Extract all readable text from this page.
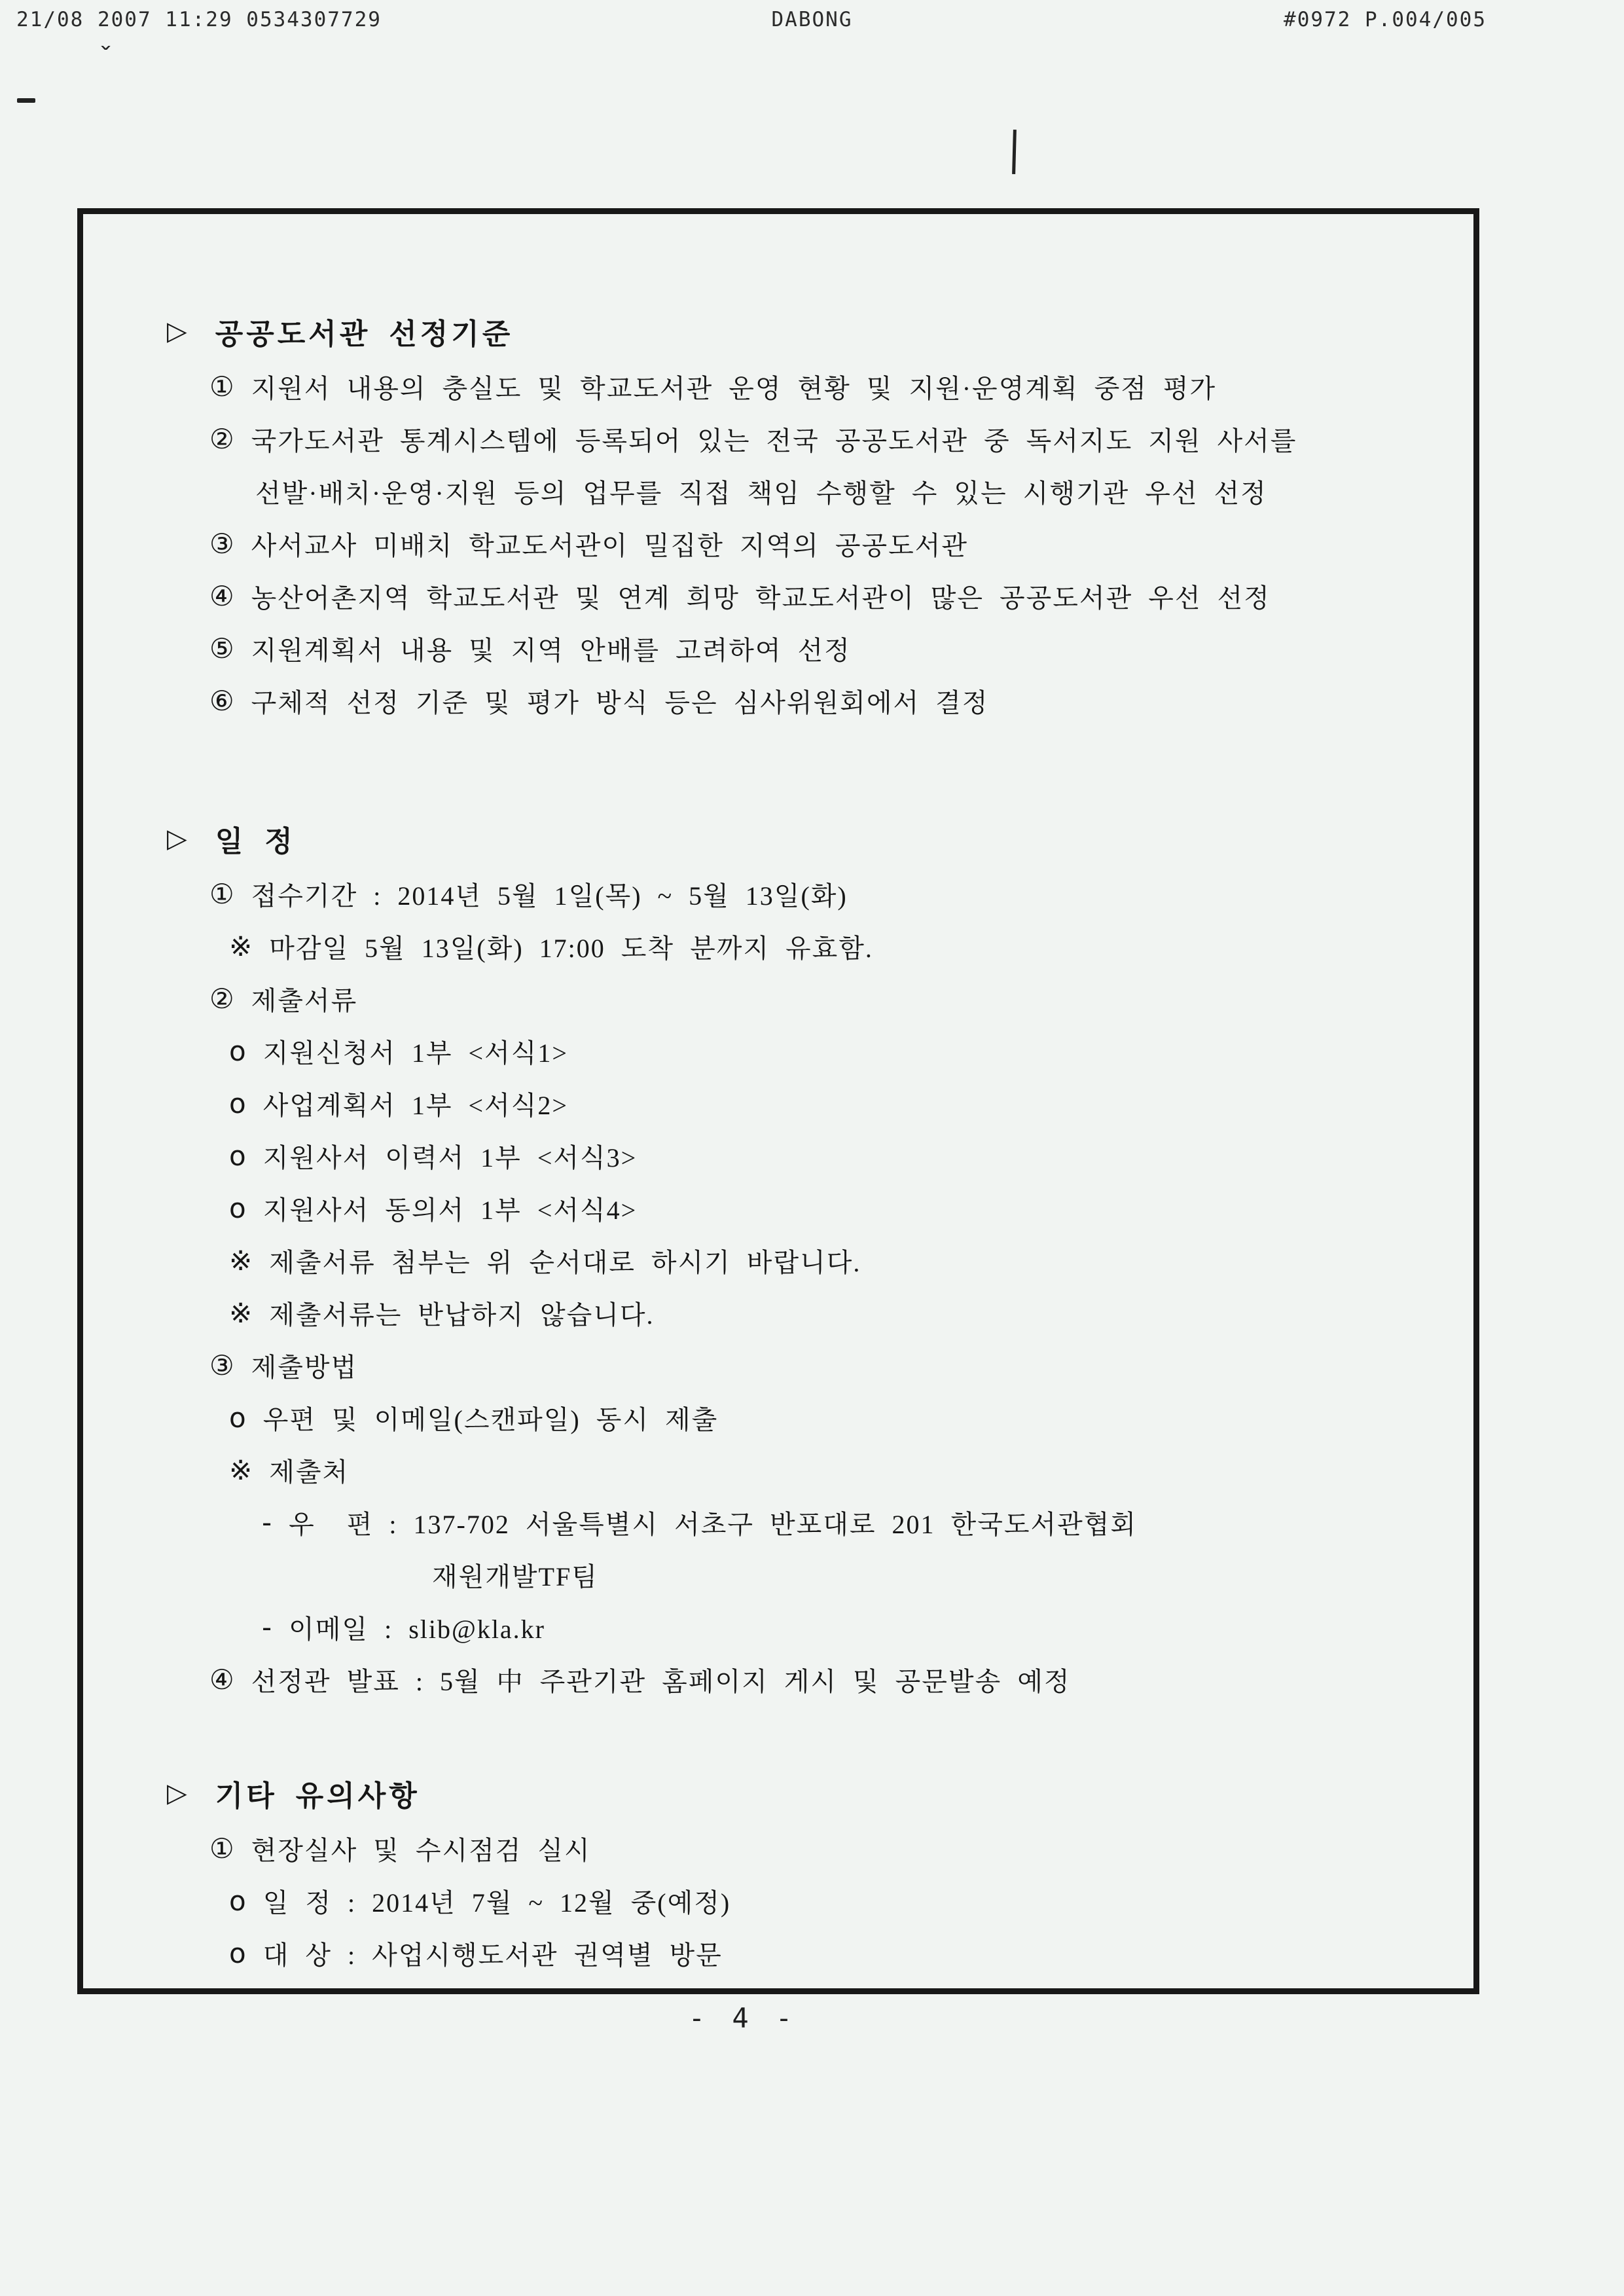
21/08 2007 11:29 0534307729	DABONG	#0972 P.004/005
ˇ
▷ 공공도서관 선정기준
① 지원서 내용의 충실도 및 학교도서관 운영 현황 및 지원·운영계획 중점 평가
② 국가도서관 통계시스템에 등록되어 있는 전국 공공도서관 중 독서지도 지원 사서를
선발·배치·운영·지원 등의 업무를 직접 책임 수행할 수 있는 시행기관 우선 선정
③ 사서교사 미배치 학교도서관이 밀집한 지역의 공공도서관
④ 농산어촌지역 학교도서관 및 연계 희망 학교도서관이 많은 공공도서관 우선 선정
⑤ 지원계획서 내용 및 지역 안배를 고려하여 선정
⑥ 구체적 선정 기준 및 평가 방식 등은 심사위원회에서 결정
▷ 일 정
① 접수기간 : 2014년 5월 1일(목) ~ 5월 13일(화)
※ 마감일 5월 13일(화) 17:00 도착 분까지 유효함.
② 제출서류
o 지원신청서 1부 <서식1>
o 사업계획서 1부 <서식2>
o 지원사서 이력서 1부 <서식3>
o 지원사서 동의서 1부 <서식4>
※ 제출서류 첨부는 위 순서대로 하시기 바랍니다.
※ 제출서류는 반납하지 않습니다.
③ 제출방법
o 우편 및 이메일(스캔파일) 동시 제출
※ 제출처
- 우  편 : 137-702 서울특별시 서초구 반포대로 201 한국도서관협회
재원개발TF팀
- 이메일 : slib@kla.kr
④ 선정관 발표 : 5월 中 주관기관 홈페이지 게시 및 공문발송 예정
▷ 기타 유의사항
① 현장실사 및 수시점검 실시
o 일 정 : 2014년 7월 ~ 12월 중(예정)
o 대 상 : 사업시행도서관 권역별 방문
- 4 -
